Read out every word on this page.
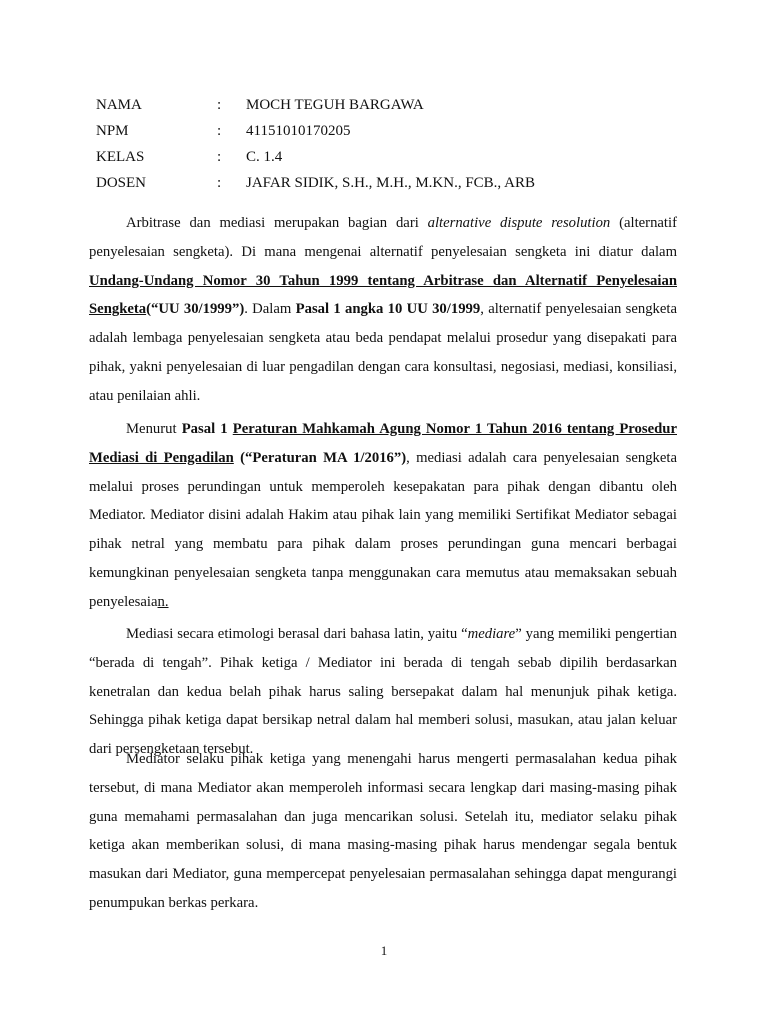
NAMA	:	MOCH TEGUH BARGAWA
NPM	:	41151010170205
KELAS	:	C. 1.4
DOSEN	:	JAFAR SIDIK, S.H., M.H., M.KN., FCB., ARB

Arbitrase dan mediasi merupakan bagian dari alternative dispute resolution (alternatif penyelesaian sengketa). Di mana mengenai alternatif penyelesaian sengketa ini diatur dalam Undang-Undang Nomor 30 Tahun 1999 tentang Arbitrase dan Alternatif Penyelesaian Sengketa(“UU 30/1999”). Dalam Pasal 1 angka 10 UU 30/1999, alternatif penyelesaian sengketa adalah lembaga penyelesaian sengketa atau beda pendapat melalui prosedur yang disepakati para pihak, yakni penyelesaian di luar pengadilan dengan cara konsultasi, negosiasi, mediasi, konsiliasi, atau penilaian ahli.

Menurut Pasal 1 Peraturan Mahkamah Agung Nomor 1 Tahun 2016 tentang Prosedur Mediasi di Pengadilan (“Peraturan MA 1/2016”), mediasi adalah cara penyelesaian sengketa melalui proses perundingan untuk memperoleh kesepakatan para pihak dengan dibantu oleh Mediator. Mediator disini adalah Hakim atau pihak lain yang memiliki Sertifikat Mediator sebagai pihak netral yang membatu para pihak dalam proses perundingan guna mencari berbagai kemungkinan penyelesaian sengketa tanpa menggunakan cara memutus atau memaksakan sebuah penyelesaian.

Mediasi secara etimologi berasal dari bahasa latin, yaitu “mediare” yang memiliki pengertian “berada di tengah”. Pihak ketiga / Mediator ini berada di tengah sebab dipilih berdasarkan kenetralan dan kedua belah pihak harus saling bersepakat dalam hal menunjuk pihak ketiga. Sehingga pihak ketiga dapat bersikap netral dalam hal memberi solusi, masukan, atau jalan keluar dari persengketaan tersebut.

Mediator selaku pihak ketiga yang menengahi harus mengerti permasalahan kedua pihak tersebut, di mana Mediator akan memperoleh informasi secara lengkap dari masing-masing pihak guna memahami permasalahan dan juga mencarikan solusi. Setelah itu, mediator selaku pihak ketiga akan memberikan solusi, di mana masing-masing pihak harus mendengar segala bentuk masukan dari Mediator, guna mempercepat penyelesaian permasalahan sehingga dapat mengurangi penumpukan berkas perkara.

1
